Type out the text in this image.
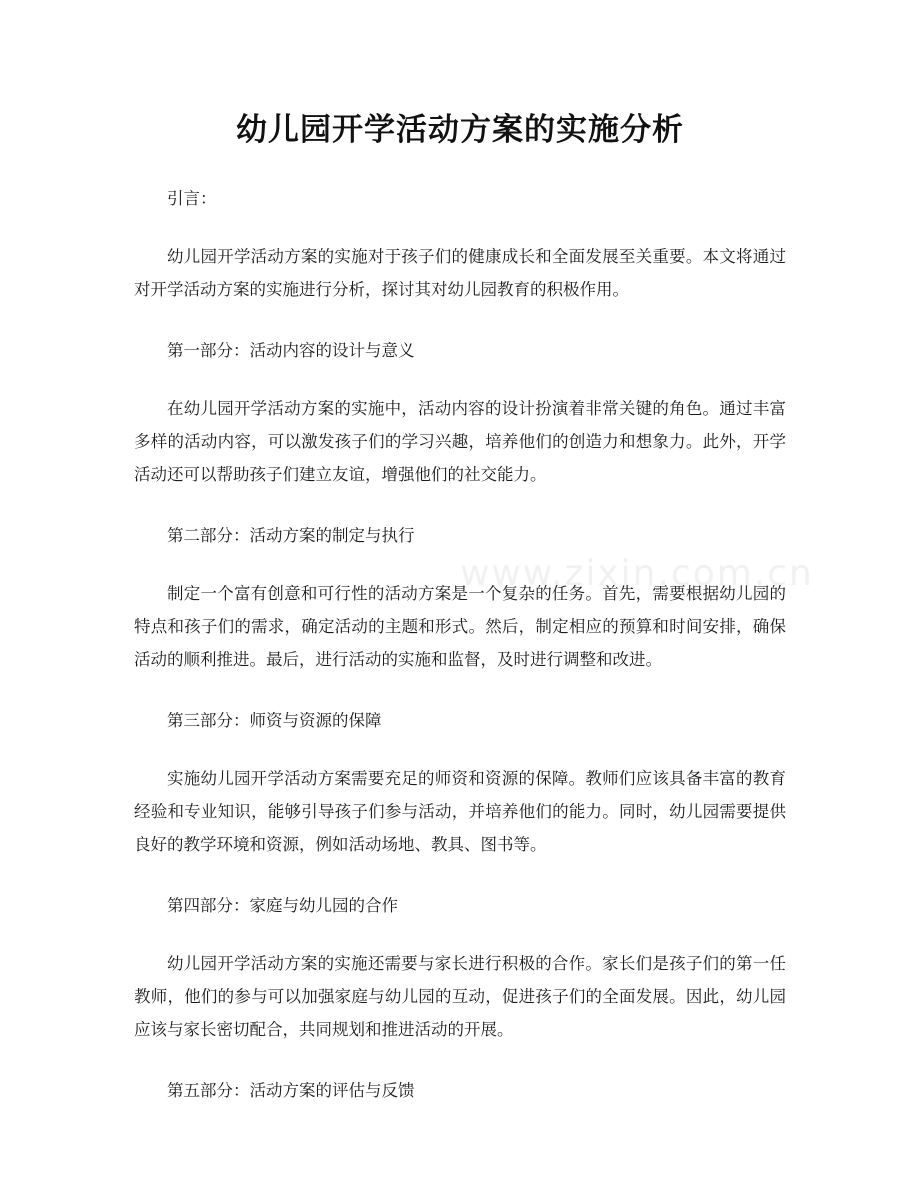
幼儿园开学活动方案的实施分析
www.zixin.com.cn

引言：

幼儿园开学活动方案的实施对于孩子们的健康成长和全面发展至关重要。本文将通过对开学活动方案的实施进行分析，探讨其对幼儿园教育的积极作用。

第一部分：活动内容的设计与意义

在幼儿园开学活动方案的实施中，活动内容的设计扮演着非常关键的角色。通过丰富多样的活动内容，可以激发孩子们的学习兴趣，培养他们的创造力和想象力。此外，开学活动还可以帮助孩子们建立友谊，增强他们的社交能力。

第二部分：活动方案的制定与执行

制定一个富有创意和可行性的活动方案是一个复杂的任务。首先，需要根据幼儿园的特点和孩子们的需求，确定活动的主题和形式。然后，制定相应的预算和时间安排，确保活动的顺利推进。最后，进行活动的实施和监督，及时进行调整和改进。

第三部分：师资与资源的保障

实施幼儿园开学活动方案需要充足的师资和资源的保障。教师们应该具备丰富的教育经验和专业知识，能够引导孩子们参与活动，并培养他们的能力。同时，幼儿园需要提供良好的教学环境和资源，例如活动场地、教具、图书等。

第四部分：家庭与幼儿园的合作

幼儿园开学活动方案的实施还需要与家长进行积极的合作。家长们是孩子们的第一任教师，他们的参与可以加强家庭与幼儿园的互动，促进孩子们的全面发展。因此，幼儿园应该与家长密切配合，共同规划和推进活动的开展。

第五部分：活动方案的评估与反馈
